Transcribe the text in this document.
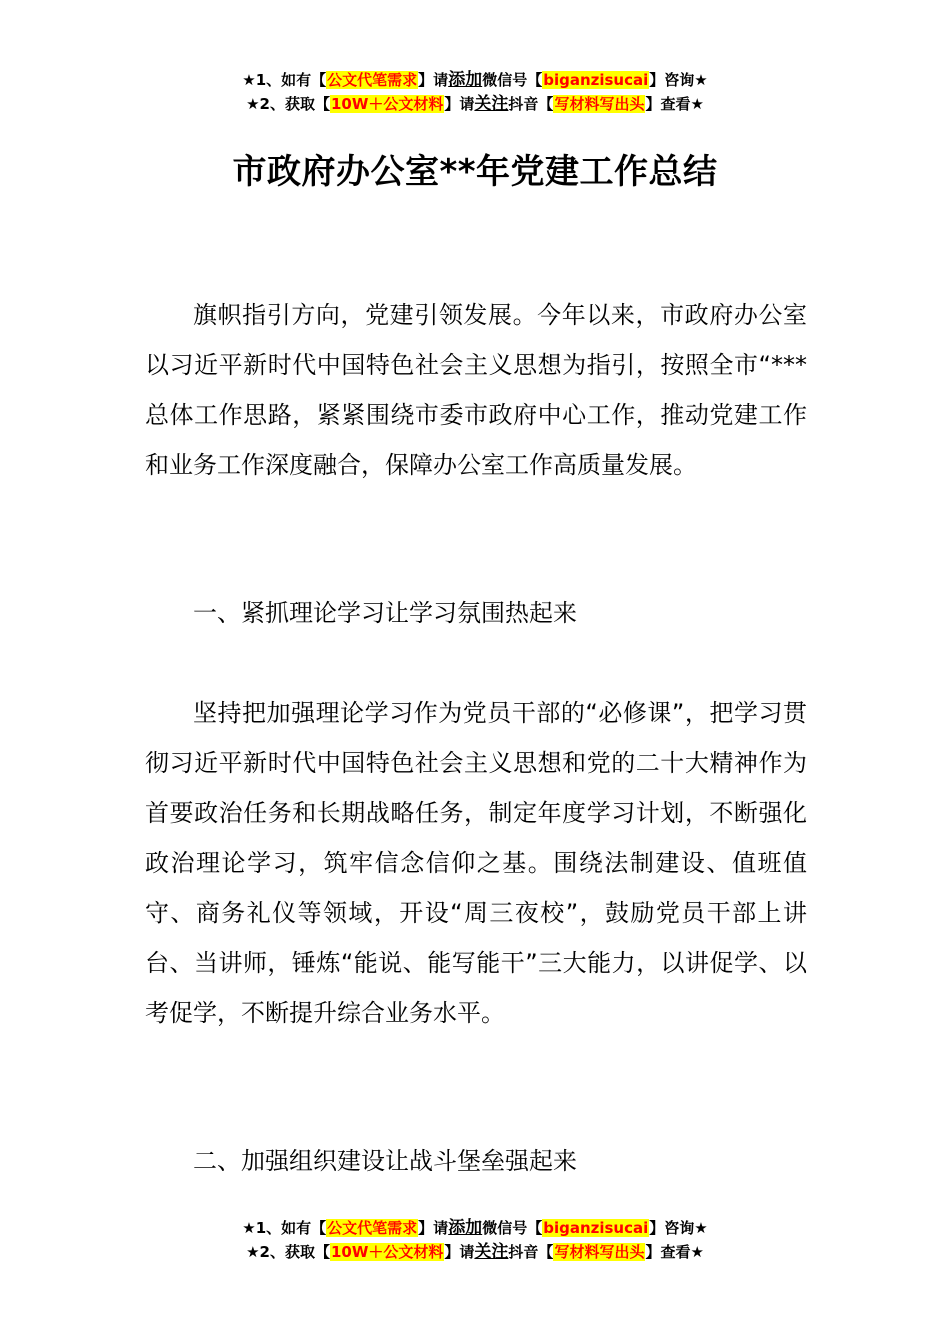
★1、如有【公文代笔需求】请添加微信号【biganzisucai】咨询★
★2、获取【10W＋公文材料】请关注抖音【写材料写出头】查看★
市政府办公室**年党建工作总结

旗帜指引方向，党建引领发展。今年以来，市政府办公室以习近平新时代中国特色社会主义思想为指引，按照全市“***总体工作思路，紧紧围绕市委市政府中心工作，推动党建工作和业务工作深度融合，保障办公室工作高质量发展。

一、紧抓理论学习让学习氛围热起来

坚持把加强理论学习作为党员干部的“必修课”，把学习贯彻习近平新时代中国特色社会主义思想和党的二十大精神作为首要政治任务和长期战略任务，制定年度学习计划，不断强化政治理论学习，筑牢信念信仰之基。围绕法制建设、值班值守、商务礼仪等领域，开设“周三夜校”，鼓励党员干部上讲台、当讲师，锤炼“能说、能写能干”三大能力，以讲促学、以考促学，不断提升综合业务水平。

二、加强组织建设让战斗堡垒强起来

★1、如有【公文代笔需求】请添加微信号【biganzisucai】咨询★
★2、获取【10W＋公文材料】请关注抖音【写材料写出头】查看★
